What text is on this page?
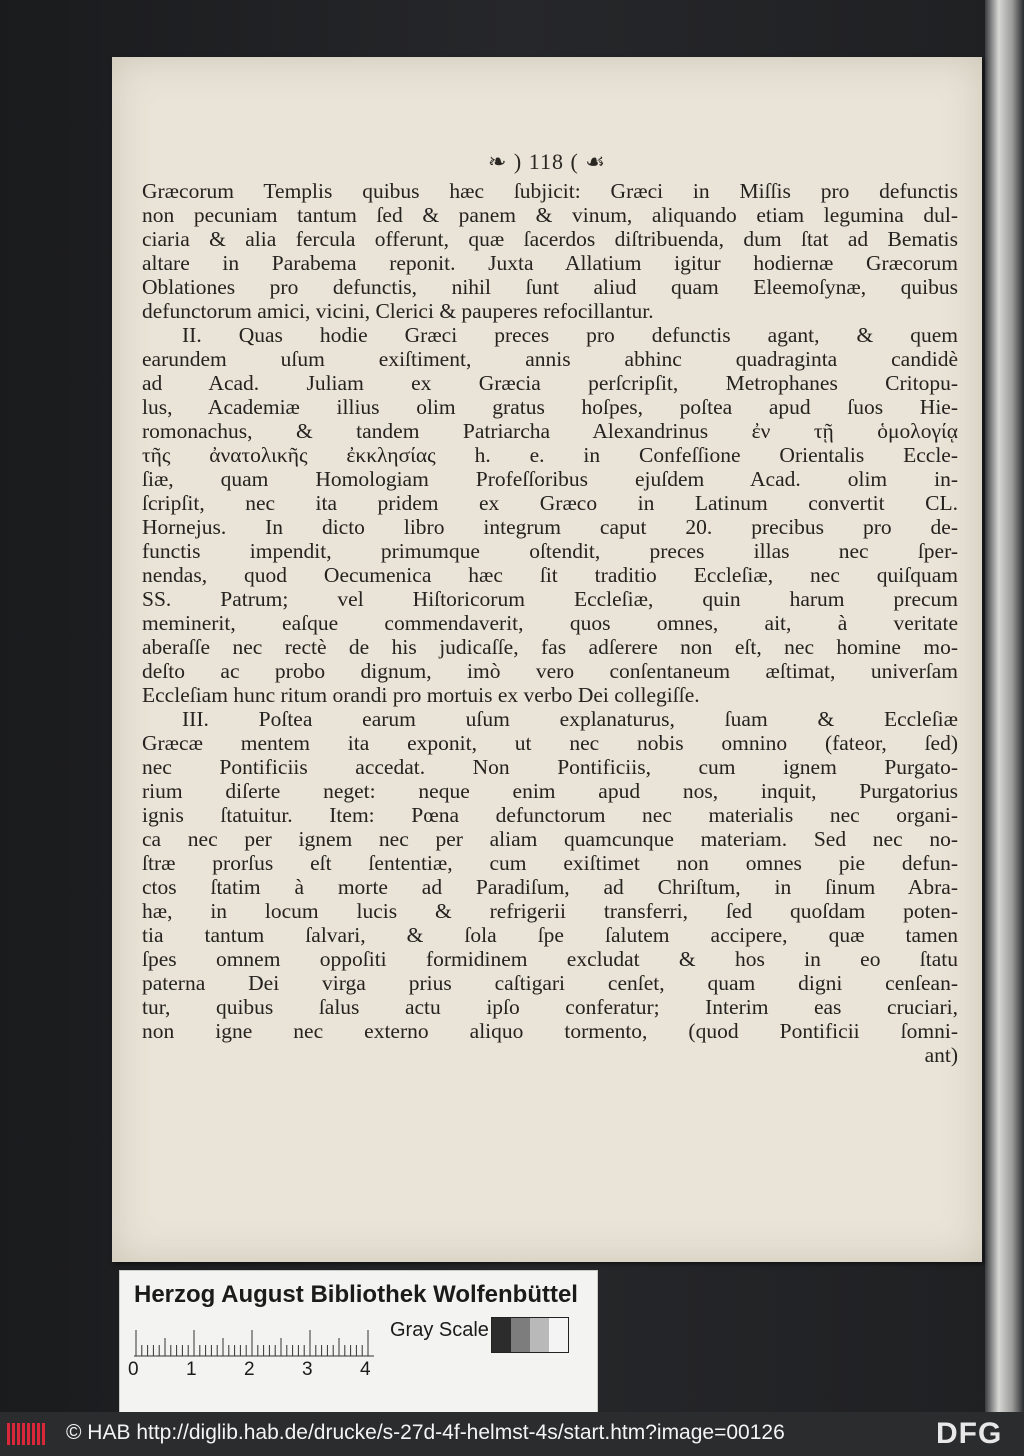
❧ ) 118 ( ☙
Græcorum Templis quibus hæc ſubjicit: Græci in Miſſis pro defunctis
non pecuniam tantum ſed & panem & vinum, aliquando etiam legumina dul-
ciaria & alia fercula offerunt, quæ ſacerdos diſtribuenda, dum ſtat ad Bematis
altare in Parabema reponit. Juxta Allatium igitur hodiernæ Græcorum
Oblationes pro defunctis, nihil ſunt aliud quam Eleemoſynæ, quibus
defunctorum amici, vicini, Clerici & pauperes refocillantur.
II. Quas hodie Græci preces pro defunctis agant, & quem
earundem uſum exiſtiment, annis abhinc quadraginta candidè
ad Acad. Juliam ex Græcia perſcripſit, Metrophanes Critopu-
lus, Academiæ illius olim gratus hoſpes, poſtea apud ſuos Hie-
romonachus, & tandem Patriarcha Alexandrinus ἐν τῇ ὁμολογίᾳ
τῆς ἀνατολικῆς ἐκκλησίας h. e. in Confeſſione Orientalis Eccle-
ſiæ, quam Homologiam Profeſſoribus ejuſdem Acad. olim in-
ſcripſit, nec ita pridem ex Græco in Latinum convertit CL.
Hornejus. In dicto libro integrum caput 20. precibus pro de-
functis impendit, primumque oſtendit, preces illas nec ſper-
nendas, quod Oecumenica hæc ſit traditio Eccleſiæ, nec quiſquam
SS. Patrum; vel Hiſtoricorum Eccleſiæ, quin harum precum
meminerit, eaſque commendaverit, quos omnes, ait, à veritate
aberaſſe nec rectè de his judicaſſe, fas adſerere non eſt, nec homine mo-
deſto ac probo dignum, imò vero conſentaneum æſtimat, univerſam
Eccleſiam hunc ritum orandi pro mortuis ex verbo Dei collegiſſe.
III. Poſtea earum uſum explanaturus, ſuam & Eccleſiæ
Græcæ mentem ita exponit, ut nec nobis omnino (fateor, ſed)
nec Pontificiis accedat. Non Pontificiis, cum ignem Purgato-
rium diſerte neget: neque enim apud nos, inquit, Purgatorius
ignis ſtatuitur. Item: Pœna defunctorum nec materialis nec organi-
ca nec per ignem nec per aliam quamcunque materiam. Sed nec no-
ſtræ prorſus eſt ſententiæ, cum exiſtimet non omnes pie defun-
ctos ſtatim à morte ad Paradiſum, ad Chriſtum, in ſinum Abra-
hæ, in locum lucis & refrigerii transferri, ſed quoſdam poten-
tia tantum ſalvari, & ſola ſpe ſalutem accipere, quæ tamen
ſpes omnem oppoſiti formidinem excludat & hos in eo ſtatu
paterna Dei virga prius caſtigari cenſet, quam digni cenſean-
tur, quibus ſalus actu ipſo conferatur; Interim eas cruciari,
non igne nec externo aliquo tormento, (quod Pontificii ſomni-
ant)
Herzog August Bibliothek Wolfenbüttel
0 1 2 3 4
Gray Scale
© HAB http://diglib.hab.de/drucke/s-27d-4f-helmst-4s/start.htm?image=00126	DFG
